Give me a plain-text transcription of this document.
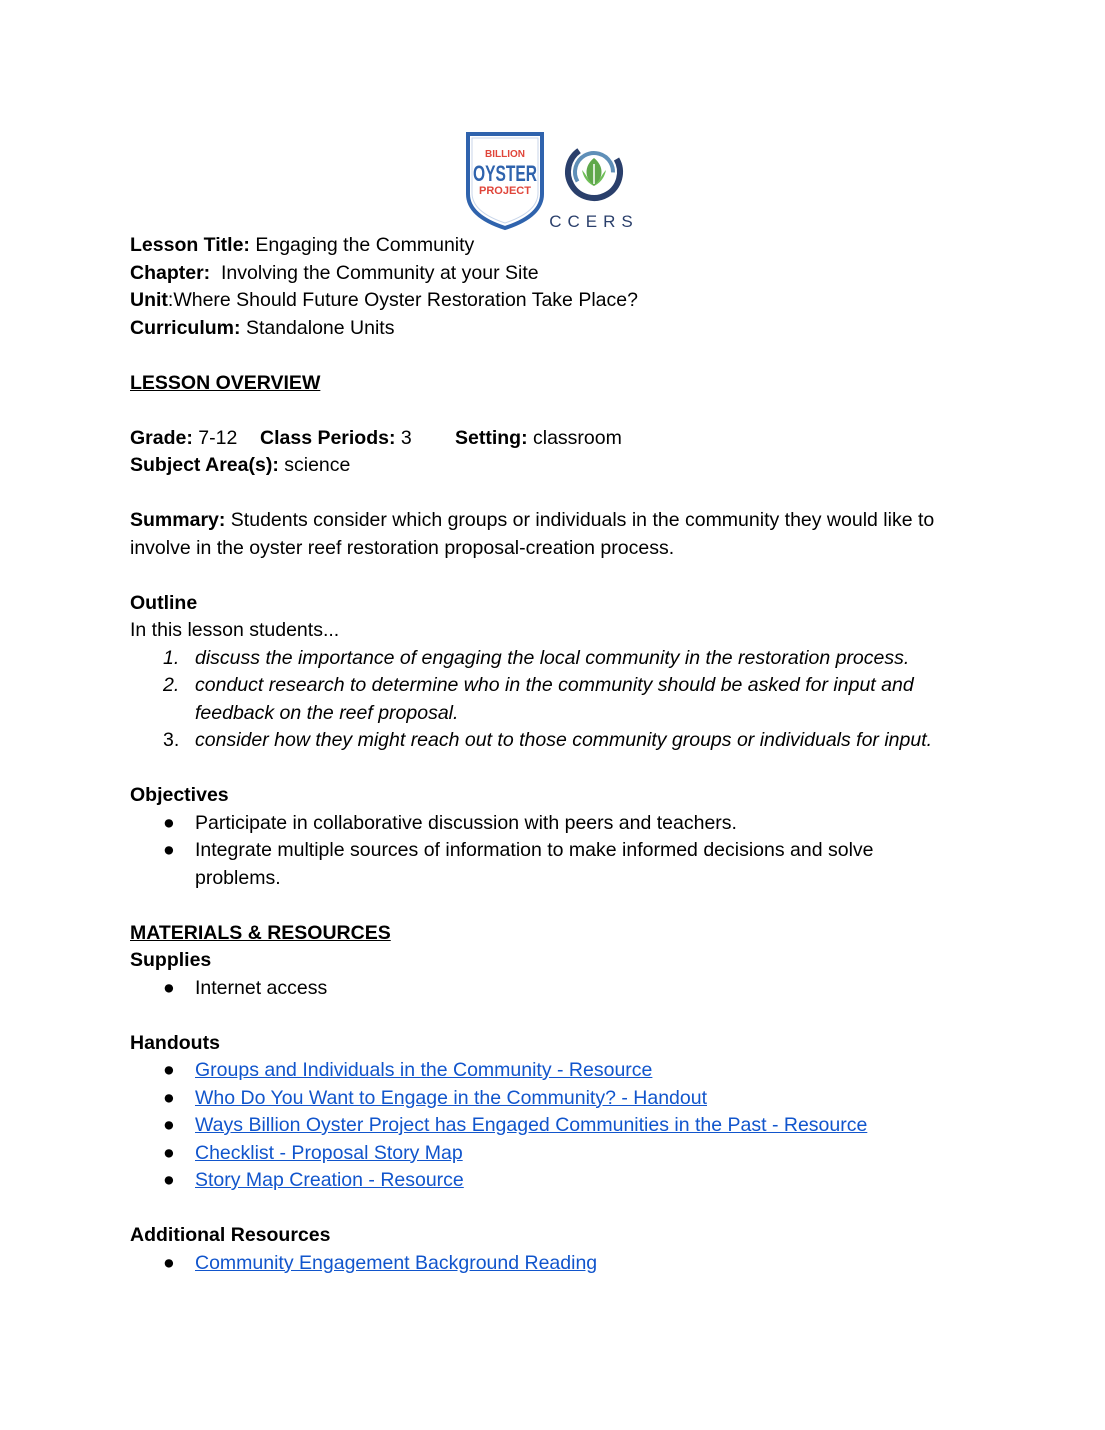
BILLION
OYSTER
PROJECT
CCERS
Lesson Title: Engaging the Community
Chapter: Involving the Community at your Site
Unit:Where Should Future Oyster Restoration Take Place?
Curriculum: Standalone Units
LESSON OVERVIEW
Grade: 7-12	Class Periods: 3	Setting: classroom
Subject Area(s): science
Summary: Students consider which groups or individuals in the community they would like to
involve in the oyster reef restoration proposal-creation process.
Outline
In this lesson students...
1. discuss the importance of engaging the local community in the restoration process.
2. conduct research to determine who in the community should be asked for input and
feedback on the reef proposal.
3. consider how they might reach out to those community groups or individuals for input.
Objectives
● Participate in collaborative discussion with peers and teachers.
● Integrate multiple sources of information to make informed decisions and solve
problems.
MATERIALS & RESOURCES
Supplies
● Internet access
Handouts
● Groups and Individuals in the Community - Resource
● Who Do You Want to Engage in the Community? - Handout
● Ways Billion Oyster Project has Engaged Communities in the Past - Resource
● Checklist - Proposal Story Map
● Story Map Creation - Resource
Additional Resources
● Community Engagement Background Reading
